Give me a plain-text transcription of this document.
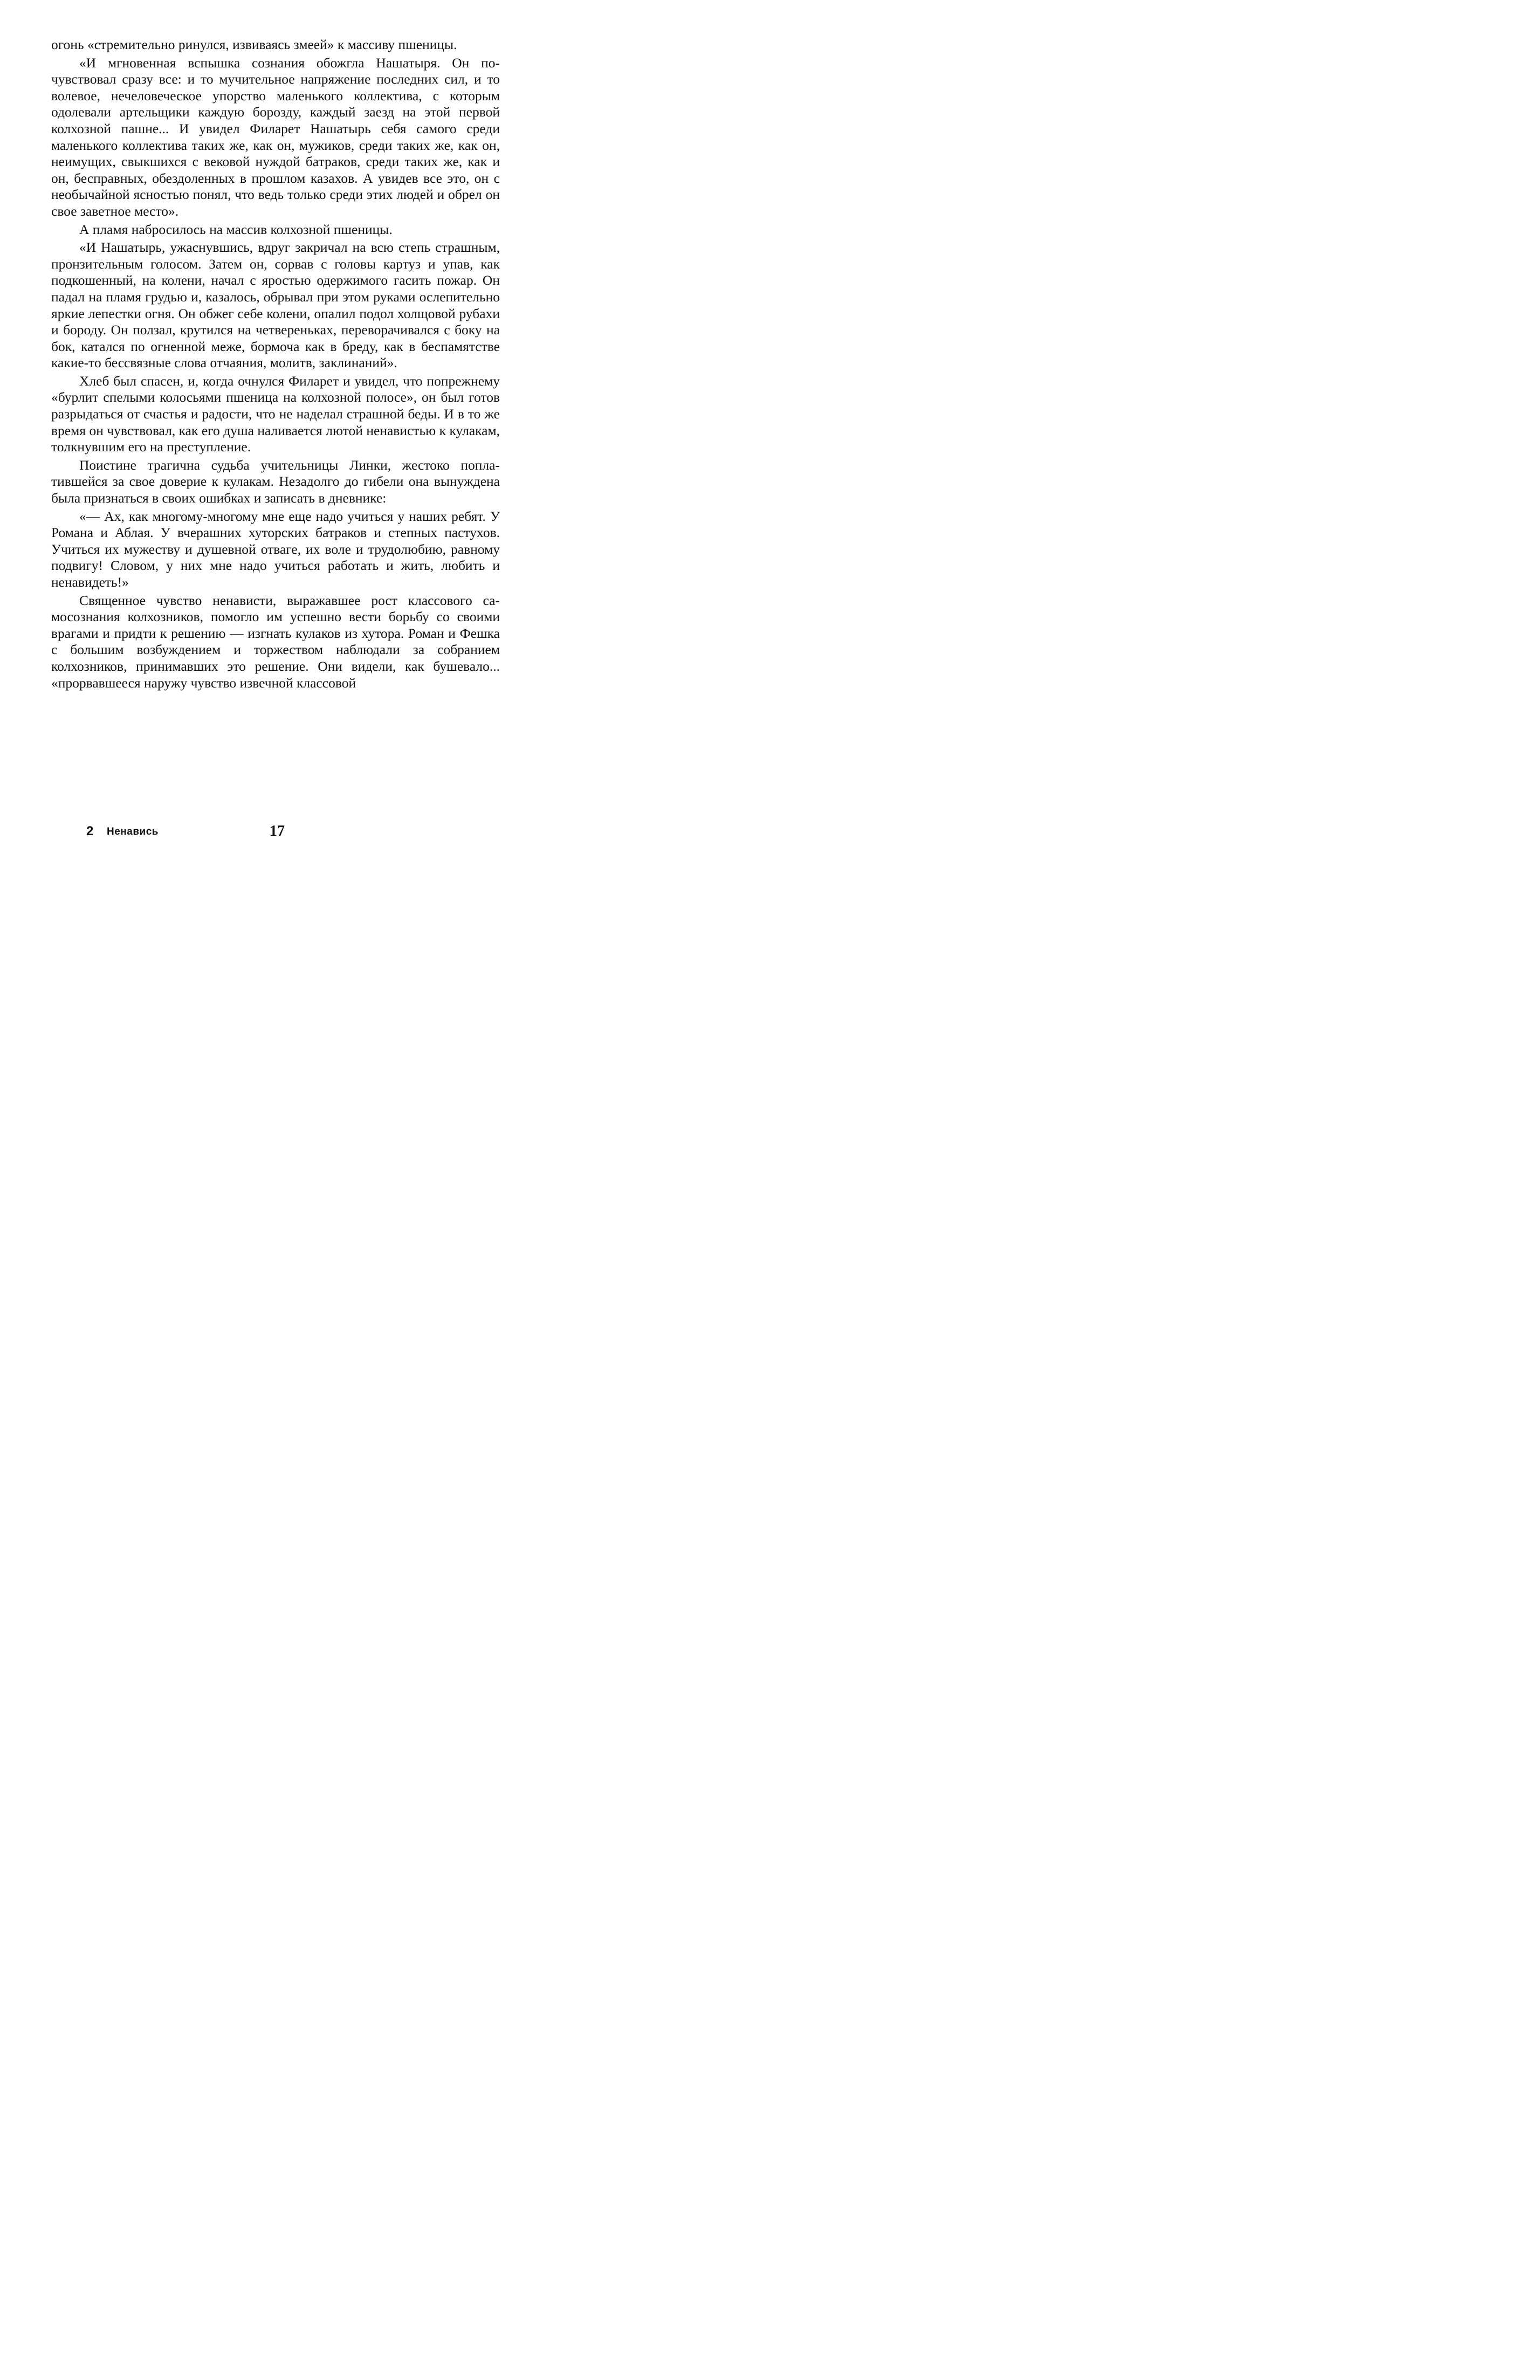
огонь «стремительно ринулся, извиваясь змеей» к массиву пшеницы.

«И мгновенная вспышка сознания обожгла Нашатыря. Он почувствовал сразу все: и то мучительное напряжение последних сил, и то волевое, нечеловеческое упорство маленького коллектива, с которым одолевали артельщики каждую борозду, каждый заезд на этой первой колхозной пашне... И увидел Филарет Нашатырь себя самого среди маленького коллектива таких же, как он, мужиков, среди таких же, как он, неимущих, свыкшихся с вековой нуждой батраков, среди таких же, как и он, бесправных, обездоленных в прошлом казахов. А увидев все это, он с необычайной ясностью понял, что ведь только среди этих людей и обрел он свое заветное место».

А пламя набросилось на массив колхозной пшеницы.

«И Нашатырь, ужаснувшись, вдруг закричал на всю степь страшным, пронзительным голосом. Затем он, сорвав с головы картуз и упав, как подкошенный, на колени, начал с яростью одержимого гасить пожар. Он падал на пламя грудью и, казалось, обрывал при этом руками ослепительно яркие лепестки огня. Он обжег себе колени, опалил подол холщовой рубахи и бороду. Он ползал, крутился на четвереньках, переворачивался с боку на бок, катался по огненной меже, бормоча как в бреду, как в беспамятстве какие-то бессвязные слова отчаяния, молитв, заклинаний».

Хлеб был спасен, и, когда очнулся Филарет и увидел, что попрежнему «бурлит спелыми колосьями пшеница на колхозной полосе», он был готов разрыдаться от счастья и радости, что не наделал страшной беды. И в то же время он чувствовал, как его душа наливается лютой ненавистью к кулакам, толкнувшим его на преступление.

Поистине трагична судьба учительницы Линки, жестоко поплатившейся за свое доверие к кулакам. Незадолго до гибели она вынуждена была признаться в своих ошибках и записать в дневнике:

«— Ах, как многому-многому мне еще надо учиться у наших ребят. У Романа и Аблая. У вчерашних хуторских батраков и степных пастухов. Учиться их мужеству и душевной отваге, их воле и трудолюбию, равному подвигу! Словом, у них мне надо учиться работать и жить, любить и ненавидеть!»

Священное чувство ненависти, выражавшее рост классового самосознания колхозников, помогло им успешно вести борьбу со своими врагами и придти к решению — изгнать кулаков из хутора. Роман и Фешка с большим возбуждением и торжеством наблюдали за собранием колхозников, принимавших это решение. Они видели, как бушевало... «прорвавшееся наружу чувство извечной классовой

2 Ненавись	17
